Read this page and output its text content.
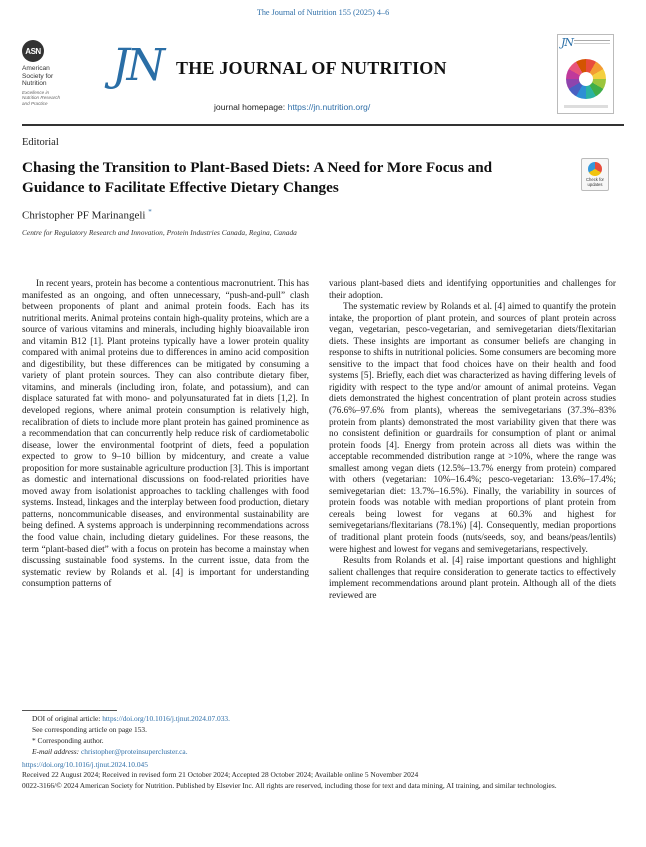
The Journal of Nutrition 155 (2025) 4–6
ASN
American
Society for
Nutrition
Excellence in
Nutrition Research
and Practice
JN THE JOURNAL OF NUTRITION
journal homepage: https://jn.nutrition.org/
JN
Editorial
Chasing the Transition to Plant-Based Diets: A Need for More Focus and Guidance to Facilitate Effective Dietary Changes	Check for updates
Christopher PF Marinangeli *
Centre for Regulatory Research and Innovation, Protein Industries Canada, Regina, Canada

In recent years, protein has become a contentious macronutrient. This has manifested as an ongoing, and often unnecessary, “push-and-pull” clash between proponents of plant and animal protein foods. Each has its nutritional merits. Animal proteins contain high-quality proteins, which are a source of various vitamins and minerals, including highly bioavailable iron and vitamin B12 [1]. Plant proteins typically have a lower protein quality compared with animal proteins due to differences in amino acid composition and digestibility, but these differences can be mitigated by consuming a variety of plant protein sources. They can also contribute dietary fiber, vitamins, and minerals (including iron, folate, and potassium), and can displace saturated fat with mono- and polyunsaturated fat in diets [1,2]. In developed regions, where animal protein consumption is relatively high, recalibration of diets to include more plant protein has gained prominence as a recommendation that can concurrently help reduce risk of cardiometabolic disease, lower the environmental footprint of diets, feed a population expected to grow to 9–10 billion by midcentury, and create a value proposition for more sustainable agriculture production [3]. This is important as domestic and international discussions on food-related priorities have moved away from isolationist approaches to tackling challenges with food systems. Instead, linkages and the interplay between food production, dietary patterns, noncommunicable diseases, and environmental sustainability are being defined. A systems approach is underpinning recommendations across the food value chain, including dietary guidelines. For these reasons, the term “plant-based diet” with a focus on protein has become a mainstay when discussing sustainable food systems. In the current issue, data from the systematic review by Rolands et al. [4] is important for understanding consumption patterns of

various plant-based diets and identifying opportunities and challenges for their adoption.

The systematic review by Rolands et al. [4] aimed to quantify the protein intake, the proportion of plant protein, and sources of plant protein across vegan, vegetarian, pesco-vegetarian, and semivegetarian diets/flexitarian diets. These insights are important as consumer beliefs are changing in response to shifts in nutritional policies. Some consumers are becoming more sensitive to the impact that food choices have on their health and food systems [5]. Briefly, each diet was characterized as having differing levels of rigidity with respect to the type and/or amount of animal proteins. Vegan diets demonstrated the highest concentration of plant protein across studies (76.6%–97.6% from plants), whereas the semivegetarians (37.3%–83% protein from plants) demonstrated the most variability given that there was no consistent definition or guardrails for consumption of plant or animal protein foods [4]. Energy from protein across all diets was within the acceptable recommended distribution range at >10%, where the range was smallest among vegan diets (12.5%–13.7% energy from protein) compared with others (vegetarian: 10%–16.4%; pesco-vegetarian: 13.6%–17.4%; semivegetarian diet: 13.7%–16.5%). Finally, the variability in sources of protein foods was notable with median proportions of plant protein from cereals being lowest for vegans at 60.3% and highest for semivegetarians/flexitarians (78.1%) [4]. Consequently, median proportions of traditional plant protein foods (nuts/seeds, soy, and beans/peas/lentils) were highest and lowest for vegans and semivegetarians, respectively.

Results from Rolands et al. [4] raise important questions and highlight salient challenges that require consideration to generate tactics to effectively implement recommendations around plant protein. Although all of the diets reviewed are

DOI of original article: https://doi.org/10.1016/j.tjnut.2024.07.033.
See corresponding article on page 153.
* Corresponding author.
E-mail address: christopher@proteinsupercluster.ca.
https://doi.org/10.1016/j.tjnut.2024.10.045
Received 22 August 2024; Received in revised form 21 October 2024; Accepted 28 October 2024; Available online 5 November 2024
0022-3166/© 2024 American Society for Nutrition. Published by Elsevier Inc. All rights are reserved, including those for text and data mining, AI training, and similar technologies.
